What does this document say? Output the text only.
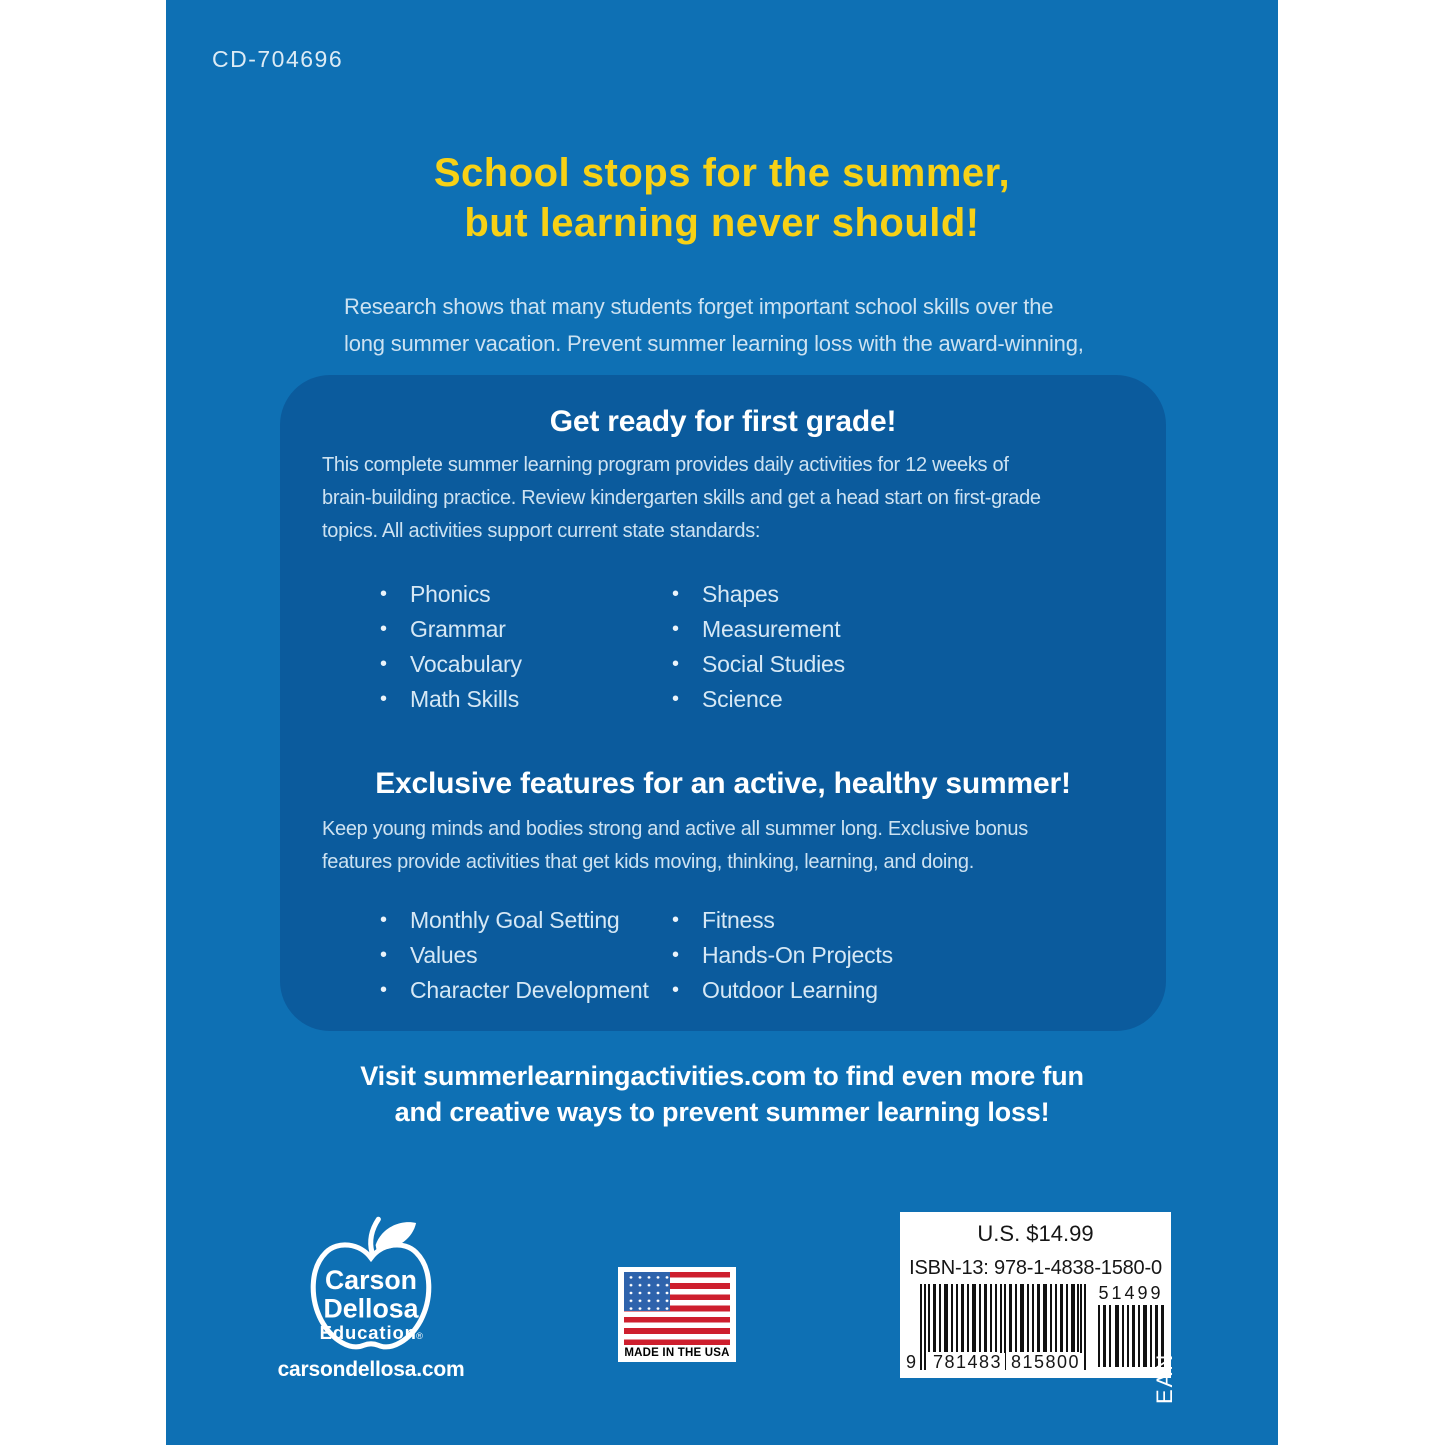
CD-704696
School stops for the summer,
but learning never should!

Research shows that many students forget important school skills over the
long summer vacation. Prevent summer learning loss with the award-winning,

Get ready for first grade!

This complete summer learning program provides daily activities for 12 weeks of
brain-building practice. Review kindergarten skills and get a head start on first-grade
topics. All activities support current state standards:

•	Phonics
•	Grammar
•	Vocabulary
•	Math Skills
•	Shapes
•	Measurement
•	Social Studies
•	Science
Exclusive features for an active, healthy summer!

Keep young minds and bodies strong and active all summer long. Exclusive bonus
features provide activities that get kids moving, thinking, learning, and doing.

•	Monthly Goal Setting
•	Values
•	Character Development
•	Fitness
•	Hands-On Projects
•	Outdoor Learning
Visit summerlearningactivities.com to find even more fun
and creative ways to prevent summer learning loss!
Carson
Dellosa
Education ®
carsondellosa.com
MADE IN THE USA
U.S. $14.99
ISBN-13: 978-1-4838-1580-0
9 781483 815800
51499
EAN
